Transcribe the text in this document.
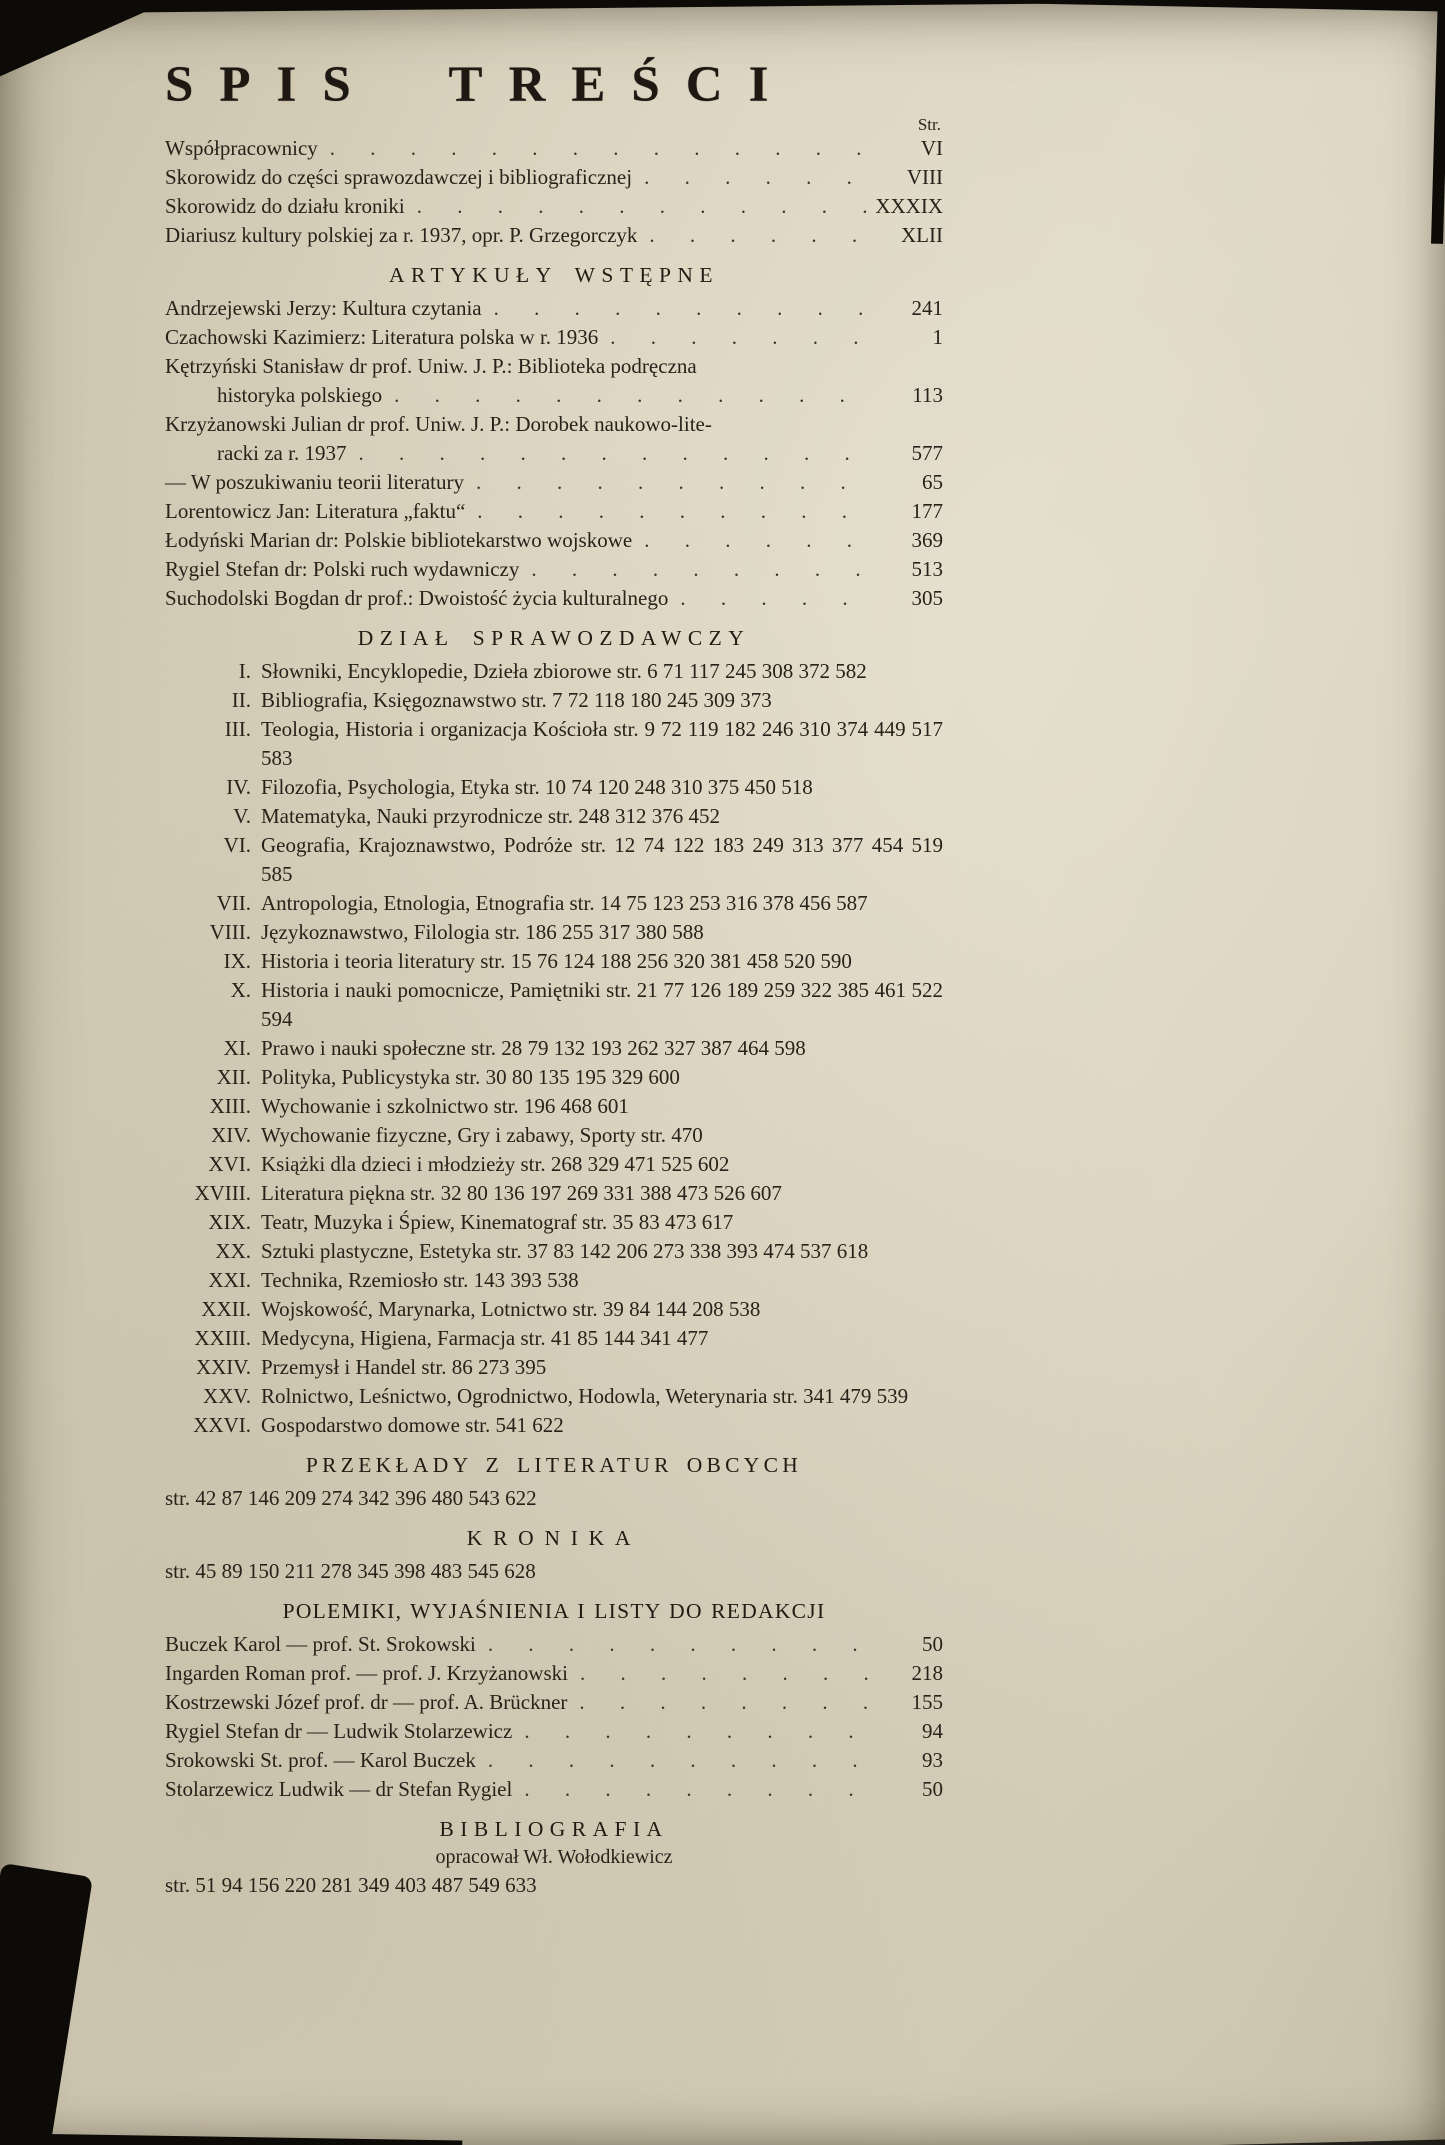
SPIS TREŚCI
Str.
Współpracownicy . . .	VI
Skorowidz do części sprawozdawczej i bibliograficznej . . .	VIII
Skorowidz do działu kroniki . . .	XXXIX
Diariusz kultury polskiej za r. 1937, opr. P. Grzegorczyk . . .	XLII
ARTYKUŁY WSTĘPNE
Andrzejewski Jerzy: Kultura czytania . . .	241
Czachowski Kazimierz: Literatura polska w r. 1936 . . .	1
Kętrzyński Stanisław dr prof. Uniw. J. P.: Biblioteka podręczna
historyka polskiego . . .	113
Krzyżanowski Julian dr prof. Uniw. J. P.: Dorobek naukowo-lite-
racki za r. 1937 . . .	577
— W poszukiwaniu teorii literatury . . .	65
Lorentowicz Jan: Literatura „faktu“ . . .	177
Łodyński Marian dr: Polskie bibliotekarstwo wojskowe . . .	369
Rygiel Stefan dr: Polski ruch wydawniczy . . .	513
Suchodolski Bogdan dr prof.: Dwoistość życia kulturalnego . . .	305
DZIAŁ SPRAWOZDAWCZY
I. Słowniki, Encyklopedie, Dzieła zbiorowe str. 6 71 117 245 308 372 582
II. Bibliografia, Księgoznawstwo str. 7 72 118 180 245 309 373
III. Teologia, Historia i organizacja Kościoła str. 9 72 119 182 246 310 374 449 517 583
IV. Filozofia, Psychologia, Etyka str. 10 74 120 248 310 375 450 518
V. Matematyka, Nauki przyrodnicze str. 248 312 376 452
VI. Geografia, Krajoznawstwo, Podróże str. 12 74 122 183 249 313 377 454 519 585
VII. Antropologia, Etnologia, Etnografia str. 14 75 123 253 316 378 456 587
VIII. Językoznawstwo, Filologia str. 186 255 317 380 588
IX. Historia i teoria literatury str. 15 76 124 188 256 320 381 458 520 590
X. Historia i nauki pomocnicze, Pamiętniki str. 21 77 126 189 259 322 385 461 522 594
XI. Prawo i nauki społeczne str. 28 79 132 193 262 327 387 464 598
XII. Polityka, Publicystyka str. 30 80 135 195 329 600
XIII. Wychowanie i szkolnictwo str. 196 468 601
XIV. Wychowanie fizyczne, Gry i zabawy, Sporty str. 470
XVI. Książki dla dzieci i młodzieży str. 268 329 471 525 602
XVIII. Literatura piękna str. 32 80 136 197 269 331 388 473 526 607
XIX. Teatr, Muzyka i Śpiew, Kinematograf str. 35 83 473 617
XX. Sztuki plastyczne, Estetyka str. 37 83 142 206 273 338 393 474 537 618
XXI. Technika, Rzemiosło str. 143 393 538
XXII. Wojskowość, Marynarka, Lotnictwo str. 39 84 144 208 538
XXIII. Medycyna, Higiena, Farmacja str. 41 85 144 341 477
XXIV. Przemysł i Handel str. 86 273 395
XXV. Rolnictwo, Leśnictwo, Ogrodnictwo, Hodowla, Weterynaria str. 341 479 539
XXVI. Gospodarstwo domowe str. 541 622
PRZEKŁADY Z LITERATUR OBCYCH
str. 42 87 146 209 274 342 396 480 543 622
KRONIKA
str. 45 89 150 211 278 345 398 483 545 628
POLEMIKI, WYJAŚNIENIA I LISTY DO REDAKCJI
Buczek Karol — prof. St. Srokowski . . .	50
Ingarden Roman prof. — prof. J. Krzyżanowski . . .	218
Kostrzewski Józef prof. dr — prof. A. Brückner . . .	155
Rygiel Stefan dr — Ludwik Stolarzewicz . . .	94
Srokowski St. prof. — Karol Buczek . . .	93
Stolarzewicz Ludwik — dr Stefan Rygiel . . .	50
BIBLIOGRAFIA
opracował Wł. Wołodkiewicz
str. 51 94 156 220 281 349 403 487 549 633
